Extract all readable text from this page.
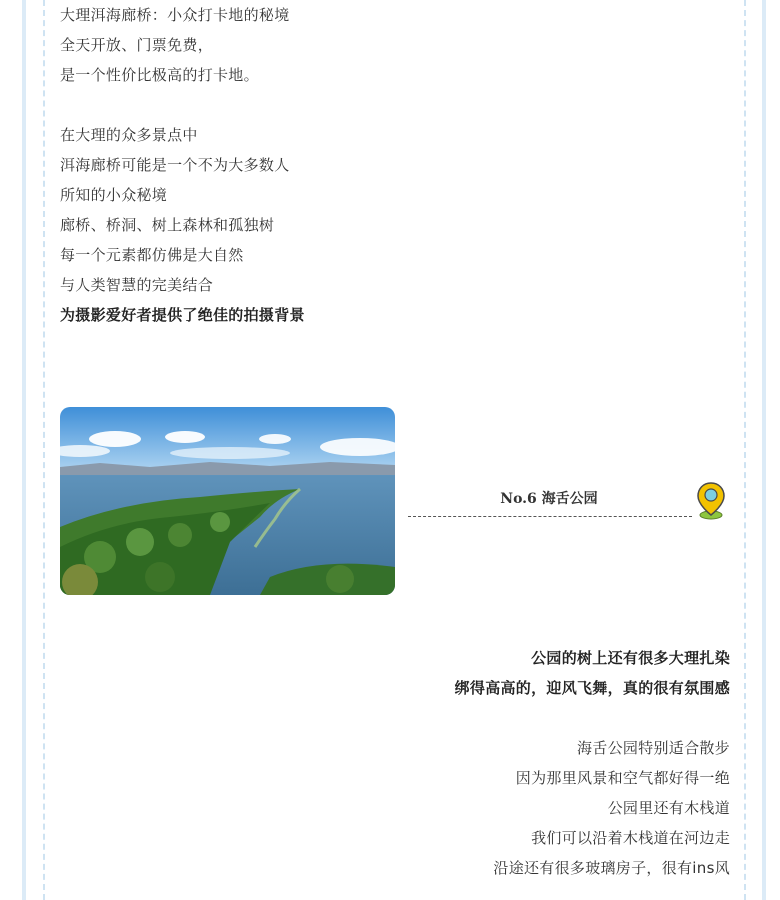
大理洱海廊桥：小众打卡地的秘境
全天开放、门票免费，
是一个性价比极高的打卡地。
在大理的众多景点中
洱海廊桥可能是一个不为大多数人
所知的小众秘境
廊桥、桥洞、树上森林和孤独树
每一个元素都仿佛是大自然
与人类智慧的完美结合
为摄影爱好者提供了绝佳的拍摄背景
No.6 海舌公园
公园的树上还有很多大理扎染
绑得高高的，迎风飞舞，真的很有氛围感
海舌公园特别适合散步
因为那里风景和空气都好得一绝
公园里还有木栈道
我们可以沿着木栈道在河边走
沿途还有很多玻璃房子，很有ins风
